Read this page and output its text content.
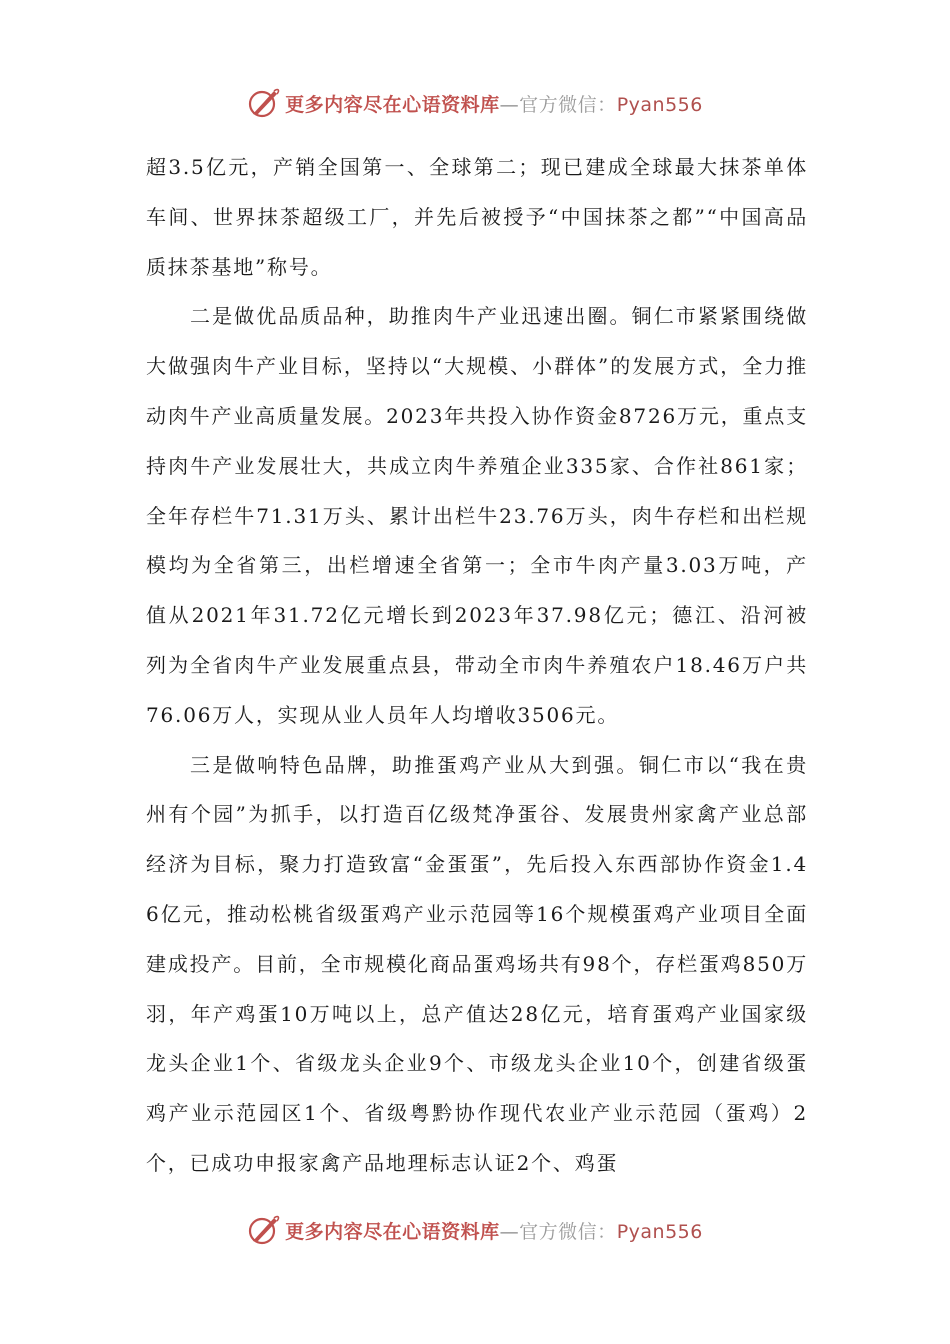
更多内容尽在心语资料库—官方微信：Pyan556

超3.5亿元，产销全国第一、全球第二；现已建成全球最大抹茶单体车间、世界抹茶超级工厂，并先后被授予“中国抹茶之都”“中国高品质抹茶基地”称号。

二是做优品质品种，助推肉牛产业迅速出圈。铜仁市紧紧围绕做大做强肉牛产业目标，坚持以“大规模、小群体”的发展方式，全力推动肉牛产业高质量发展。2023年共投入协作资金8726万元，重点支持肉牛产业发展壮大，共成立肉牛养殖企业335家、合作社861家；全年存栏牛71.31万头、累计出栏牛23.76万头，肉牛存栏和出栏规模均为全省第三，出栏增速全省第一；全市牛肉产量3.03万吨，产值从2021年31.72亿元增长到2023年37.98亿元；德江、沿河被列为全省肉牛产业发展重点县，带动全市肉牛养殖农户18.46万户共76.06万人，实现从业人员年人均增收3506元。

三是做响特色品牌，助推蛋鸡产业从大到强。铜仁市以“我在贵州有个园”为抓手，以打造百亿级梵净蛋谷、发展贵州家禽产业总部经济为目标，聚力打造致富“金蛋蛋”，先后投入东西部协作资金1.46亿元，推动松桃省级蛋鸡产业示范园等16个规模蛋鸡产业项目全面建成投产。目前，全市规模化商品蛋鸡场共有98个，存栏蛋鸡850万羽，年产鸡蛋10万吨以上，总产值达28亿元，培育蛋鸡产业国家级龙头企业1个、省级龙头企业9个、市级龙头企业10个，创建省级蛋鸡产业示范园区1个、省级粤黔协作现代农业产业示范园（蛋鸡）2个，已成功申报家禽产品地理标志认证2个、鸡蛋

更多内容尽在心语资料库—官方微信：Pyan556
